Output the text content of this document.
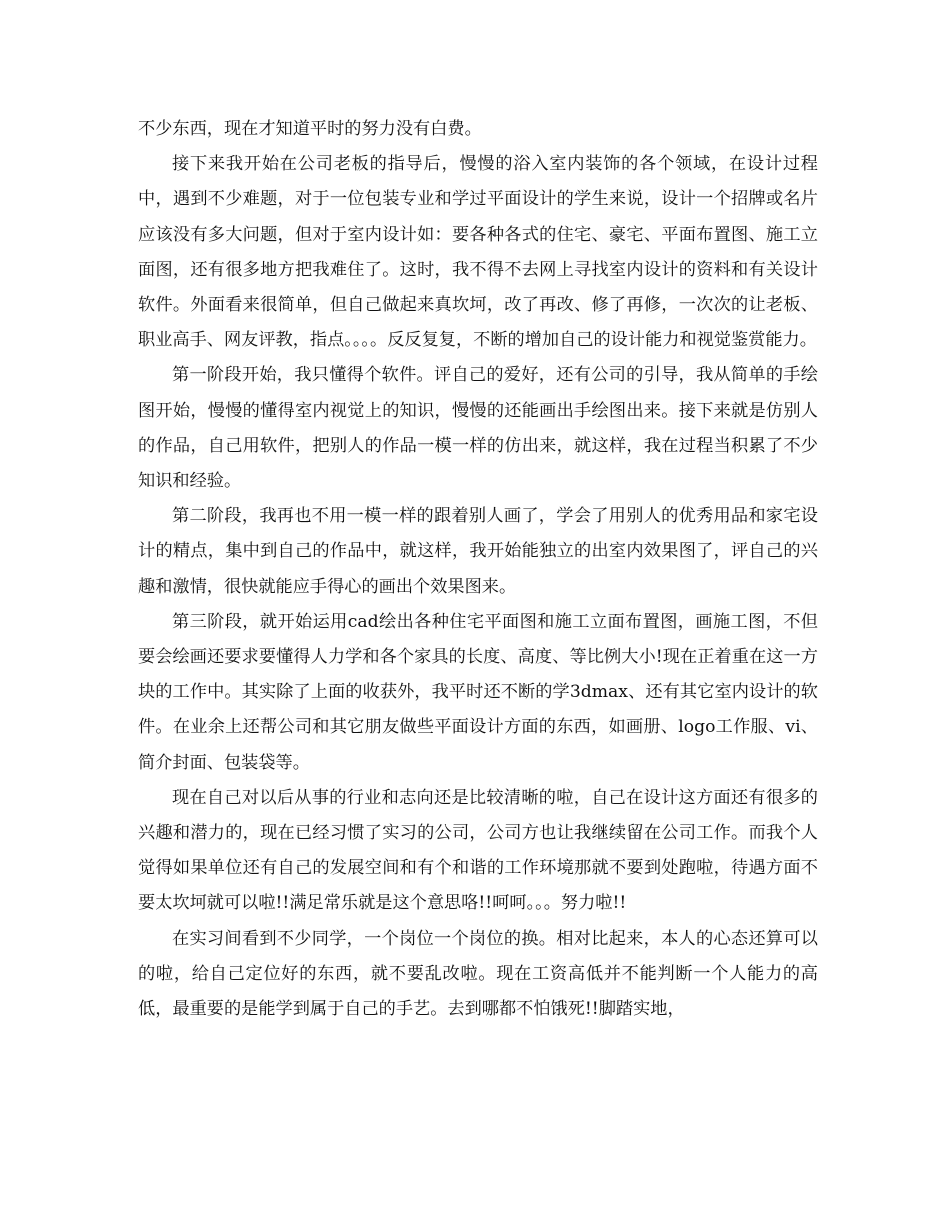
不少东西，现在才知道平时的努力没有白费。

接下来我开始在公司老板的指导后，慢慢的浴入室内装饰的各个领域，在设计过程中，遇到不少难题，对于一位包装专业和学过平面设计的学生来说，设计一个招牌或名片应该没有多大问题，但对于室内设计如：要各种各式的住宅、豪宅、平面布置图、施工立面图，还有很多地方把我难住了。这时，我不得不去网上寻找室内设计的资料和有关设计软件。外面看来很简单，但自己做起来真坎坷，改了再改、修了再修，一次次的让老板、职业高手、网友评教，指点。。。。反反复复，不断的增加自己的设计能力和视觉鉴赏能力。

第一阶段开始，我只懂得个软件。评自己的爱好，还有公司的引导，我从简单的手绘图开始，慢慢的懂得室内视觉上的知识，慢慢的还能画出手绘图出来。接下来就是仿别人的作品，自己用软件，把别人的作品一模一样的仿出来，就这样，我在过程当积累了不少知识和经验。

第二阶段，我再也不用一模一样的跟着别人画了，学会了用别人的优秀用品和家宅设计的精点，集中到自己的作品中，就这样，我开始能独立的出室内效果图了，评自己的兴趣和激情，很快就能应手得心的画出个效果图来。

第三阶段，就开始运用cad绘出各种住宅平面图和施工立面布置图，画施工图，不但要会绘画还要求要懂得人力学和各个家具的长度、高度、等比例大小!现在正着重在这一方块的工作中。其实除了上面的收获外，我平时还不断的学3dmax、还有其它室内设计的软件。在业余上还帮公司和其它朋友做些平面设计方面的东西，如画册、logo工作服、vi、简介封面、包装袋等。

现在自己对以后从事的行业和志向还是比较清晰的啦，自己在设计这方面还有很多的兴趣和潜力的，现在已经习惯了实习的公司，公司方也让我继续留在公司工作。而我个人觉得如果单位还有自己的发展空间和有个和谐的工作环境那就不要到处跑啦，待遇方面不要太坎坷就可以啦!!满足常乐就是这个意思咯!!呵呵。。。努力啦!!

在实习间看到不少同学，一个岗位一个岗位的换。相对比起来，本人的心态还算可以的啦，给自己定位好的东西，就不要乱改啦。现在工资高低并不能判断一个人能力的高低，最重要的是能学到属于自己的手艺。去到哪都不怕饿死!!脚踏实地，
